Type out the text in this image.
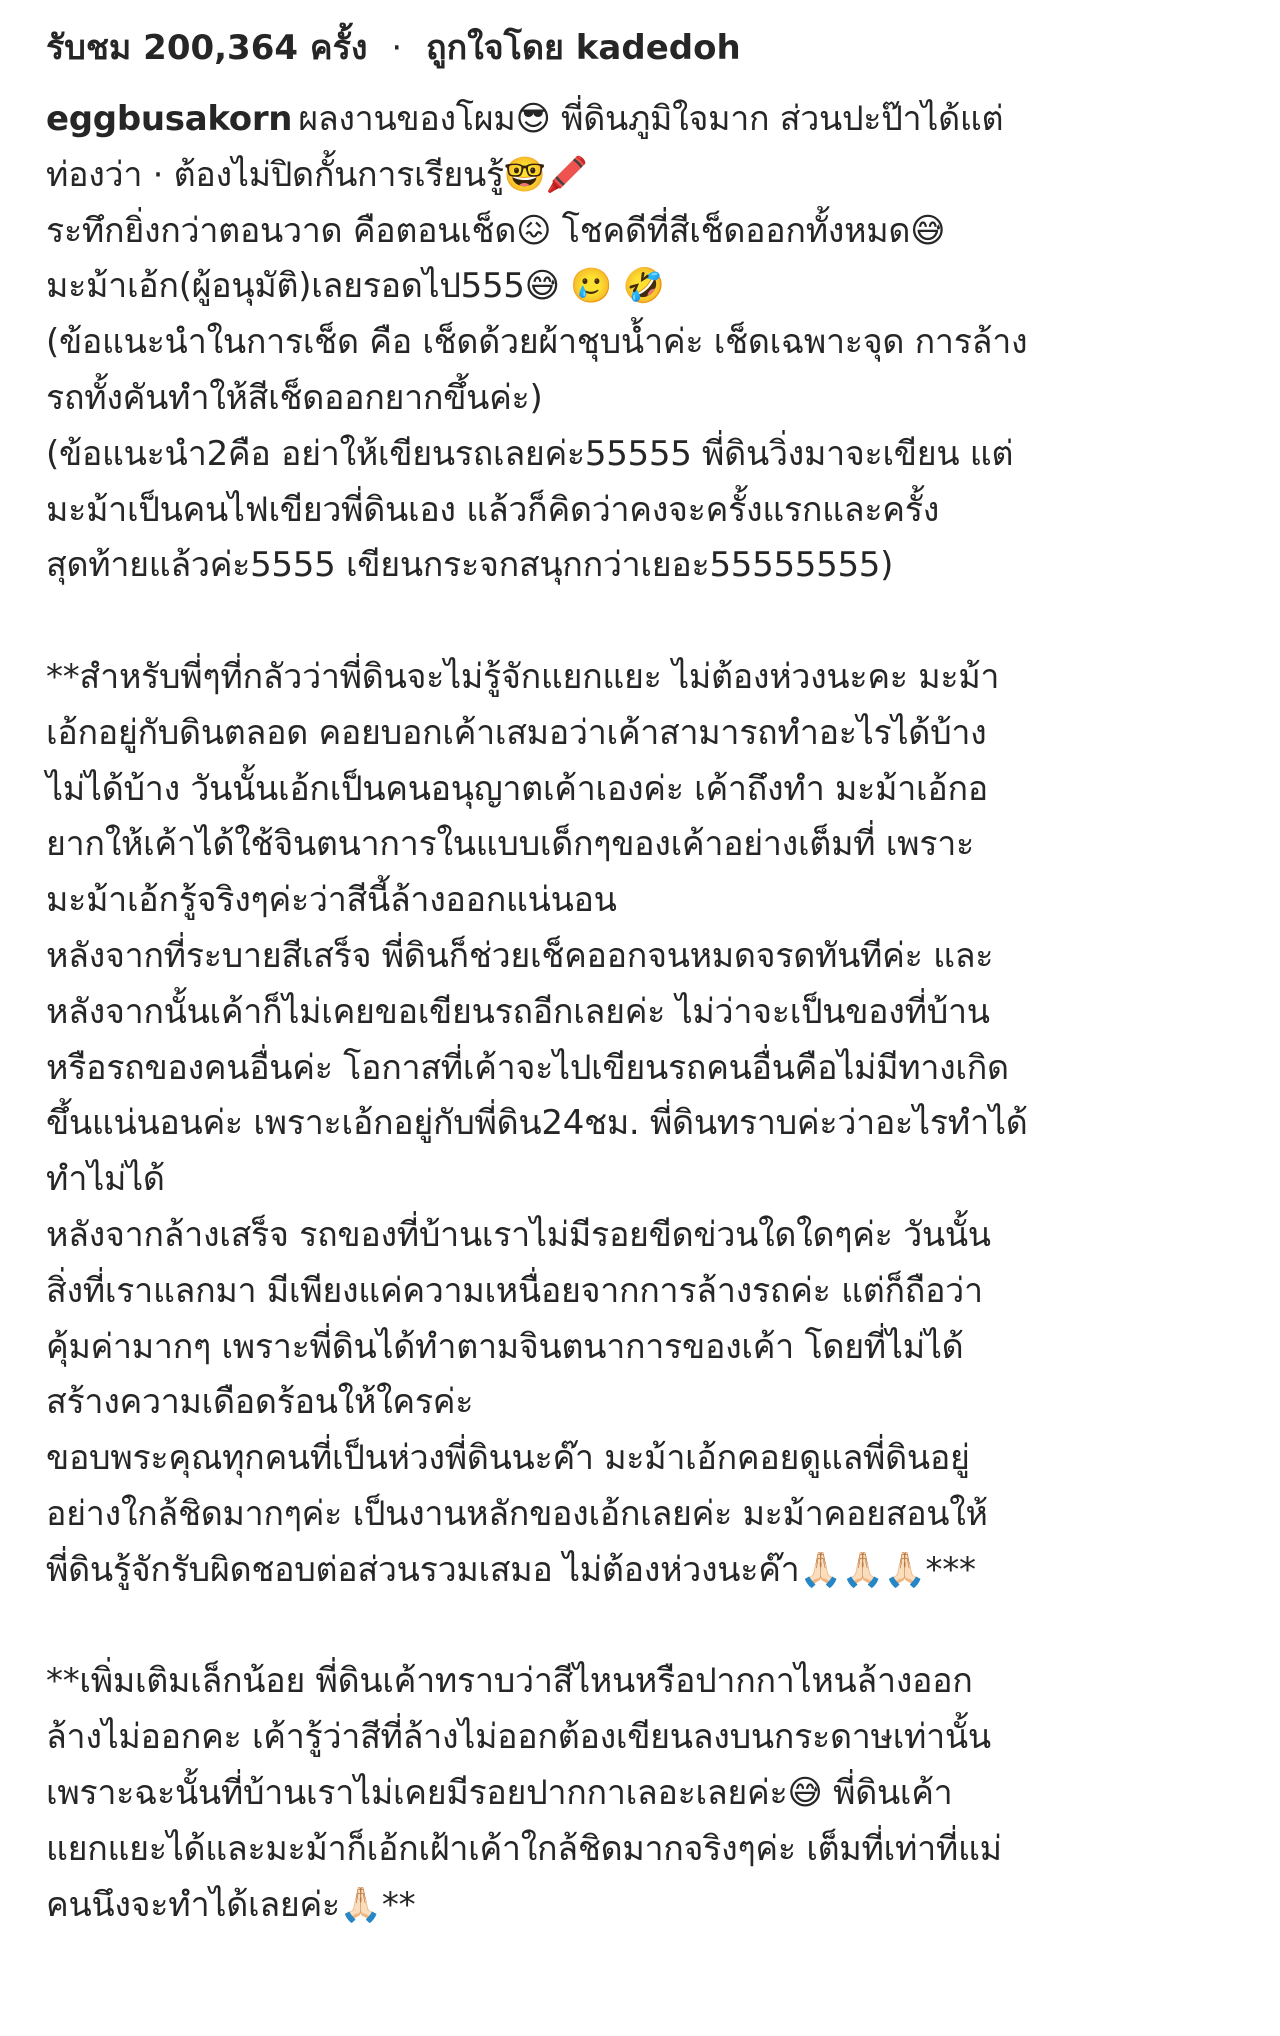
รับชม 200,364 ครั้ง · ถูกใจโดย kadedoh
eggbusakorn ผลงานของโผม😎 พี่ดินภูมิใจมาก ส่วนปะป๊าได้แต่
ท่องว่า · ต้องไม่ปิดกั้นการเรียนรู้🤓🖍️
ระทึกยิ่งกว่าตอนวาด คือตอนเช็ด😖 โชคดีที่สีเช็ดออกทั้งหมด😅
มะม้าเอ้ก(ผู้อนุมัติ)เลยรอดไป555😅 🥲 🤣
(ข้อแนะนำในการเช็ด คือ เช็ดด้วยผ้าชุบน้ำค่ะ เช็ดเฉพาะจุด การล้าง
รถทั้งคันทำให้สีเช็ดออกยากขึ้นค่ะ)
(ข้อแนะนำ2คือ อย่าให้เขียนรถเลยค่ะ55555 พี่ดินวิ่งมาจะเขียน แต่
มะม้าเป็นคนไฟเขียวพี่ดินเอง แล้วก็คิดว่าคงจะครั้งแรกและครั้ง
สุดท้ายแล้วค่ะ5555 เขียนกระจกสนุกกว่าเยอะ55555555)
**สำหรับพี่ๆที่กลัวว่าพี่ดินจะไม่รู้จักแยกแยะ ไม่ต้องห่วงนะคะ มะม้า
เอ้กอยู่กับดินตลอด คอยบอกเค้าเสมอว่าเค้าสามารถทำอะไรได้บ้าง
ไม่ได้บ้าง วันนั้นเอ้กเป็นคนอนุญาตเค้าเองค่ะ เค้าถึงทำ มะม้าเอ้กอ
ยากให้เค้าได้ใช้จินตนาการในแบบเด็กๆของเค้าอย่างเต็มที่ เพราะ
มะม้าเอ้กรู้จริงๆค่ะว่าสีนี้ล้างออกแน่นอน
หลังจากที่ระบายสีเสร็จ พี่ดินก็ช่วยเช็คออกจนหมดจรดทันทีค่ะ และ
หลังจากนั้นเค้าก็ไม่เคยขอเขียนรถอีกเลยค่ะ ไม่ว่าจะเป็นของที่บ้าน
หรือรถของคนอื่นค่ะ โอกาสที่เค้าจะไปเขียนรถคนอื่นคือไม่มีทางเกิด
ขึ้นแน่นอนค่ะ เพราะเอ้กอยู่กับพี่ดิน24ชม. พี่ดินทราบค่ะว่าอะไรทำได้
ทำไม่ได้
หลังจากล้างเสร็จ รถของที่บ้านเราไม่มีรอยขีดข่วนใดใดๆค่ะ วันนั้น
สิ่งที่เราแลกมา มีเพียงแค่ความเหนื่อยจากการล้างรถค่ะ แต่ก็ถือว่า
คุ้มค่ามากๆ เพราะพี่ดินได้ทำตามจินตนาการของเค้า โดยที่ไม่ได้
สร้างความเดือดร้อนให้ใครค่ะ
ขอบพระคุณทุกคนที่เป็นห่วงพี่ดินนะค๊า มะม้าเอ้กคอยดูแลพี่ดินอยู่
อย่างใกล้ชิดมากๆค่ะ เป็นงานหลักของเอ้กเลยค่ะ มะม้าคอยสอนให้
พี่ดินรู้จักรับผิดชอบต่อส่วนรวมเสมอ ไม่ต้องห่วงนะค๊า🙏🏻🙏🏻🙏🏻***
**เพิ่มเติมเล็กน้อย พี่ดินเค้าทราบว่าสีไหนหรือปากกาไหนล้างออก
ล้างไม่ออกคะ เค้ารู้ว่าสีที่ล้างไม่ออกต้องเขียนลงบนกระดาษเท่านั้น
เพราะฉะนั้นที่บ้านเราไม่เคยมีรอยปากกาเลอะเลยค่ะ😅 พี่ดินเค้า
แยกแยะได้และมะม้าก็เอ้กเฝ้าเค้าใกล้ชิดมากจริงๆค่ะ เต็มที่เท่าที่แม่
คนนึงจะทำได้เลยค่ะ🙏🏻**
